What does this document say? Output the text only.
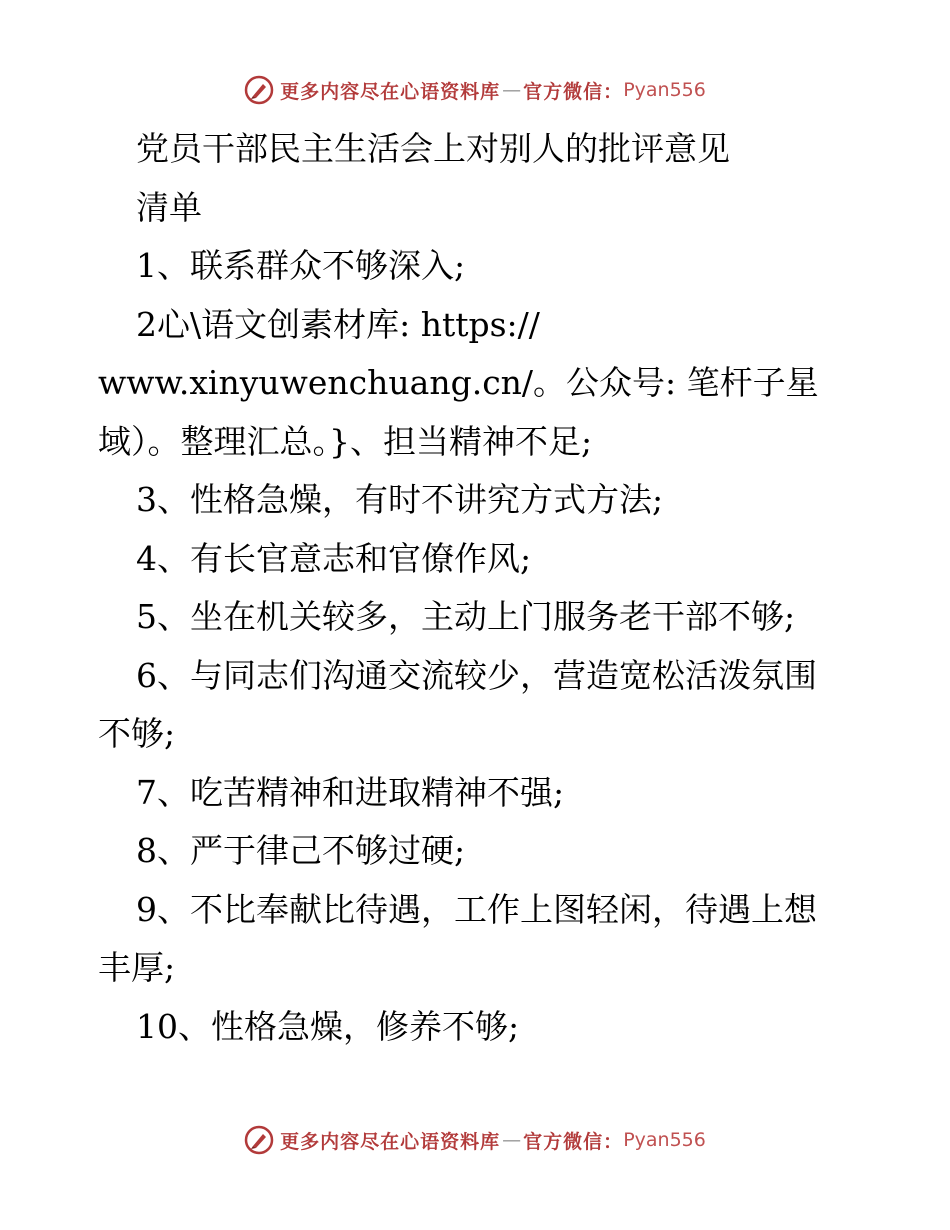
更多内容尽在心语资料库 — 官方微信： Pyan556
党员干部民主生活会上对别人的批评意见
清单
1、联系群众不够深入;
2心\语文创素材库: https://
www.xinyuwenchuang.cn/。公众号: 笔杆子星
域）。整理汇总。}、担当精神不足;
3、性格急燥，有时不讲究方式方法;
4、有长官意志和官僚作风;
5、坐在机关较多，主动上门服务老干部不够;
6、与同志们沟通交流较少，营造宽松活泼氛围
不够;
7、吃苦精神和进取精神不强;
8、严于律己不够过硬;
9、不比奉献比待遇，工作上图轻闲，待遇上想
丰厚;
10、性格急燥，修养不够;
更多内容尽在心语资料库 — 官方微信： Pyan556
